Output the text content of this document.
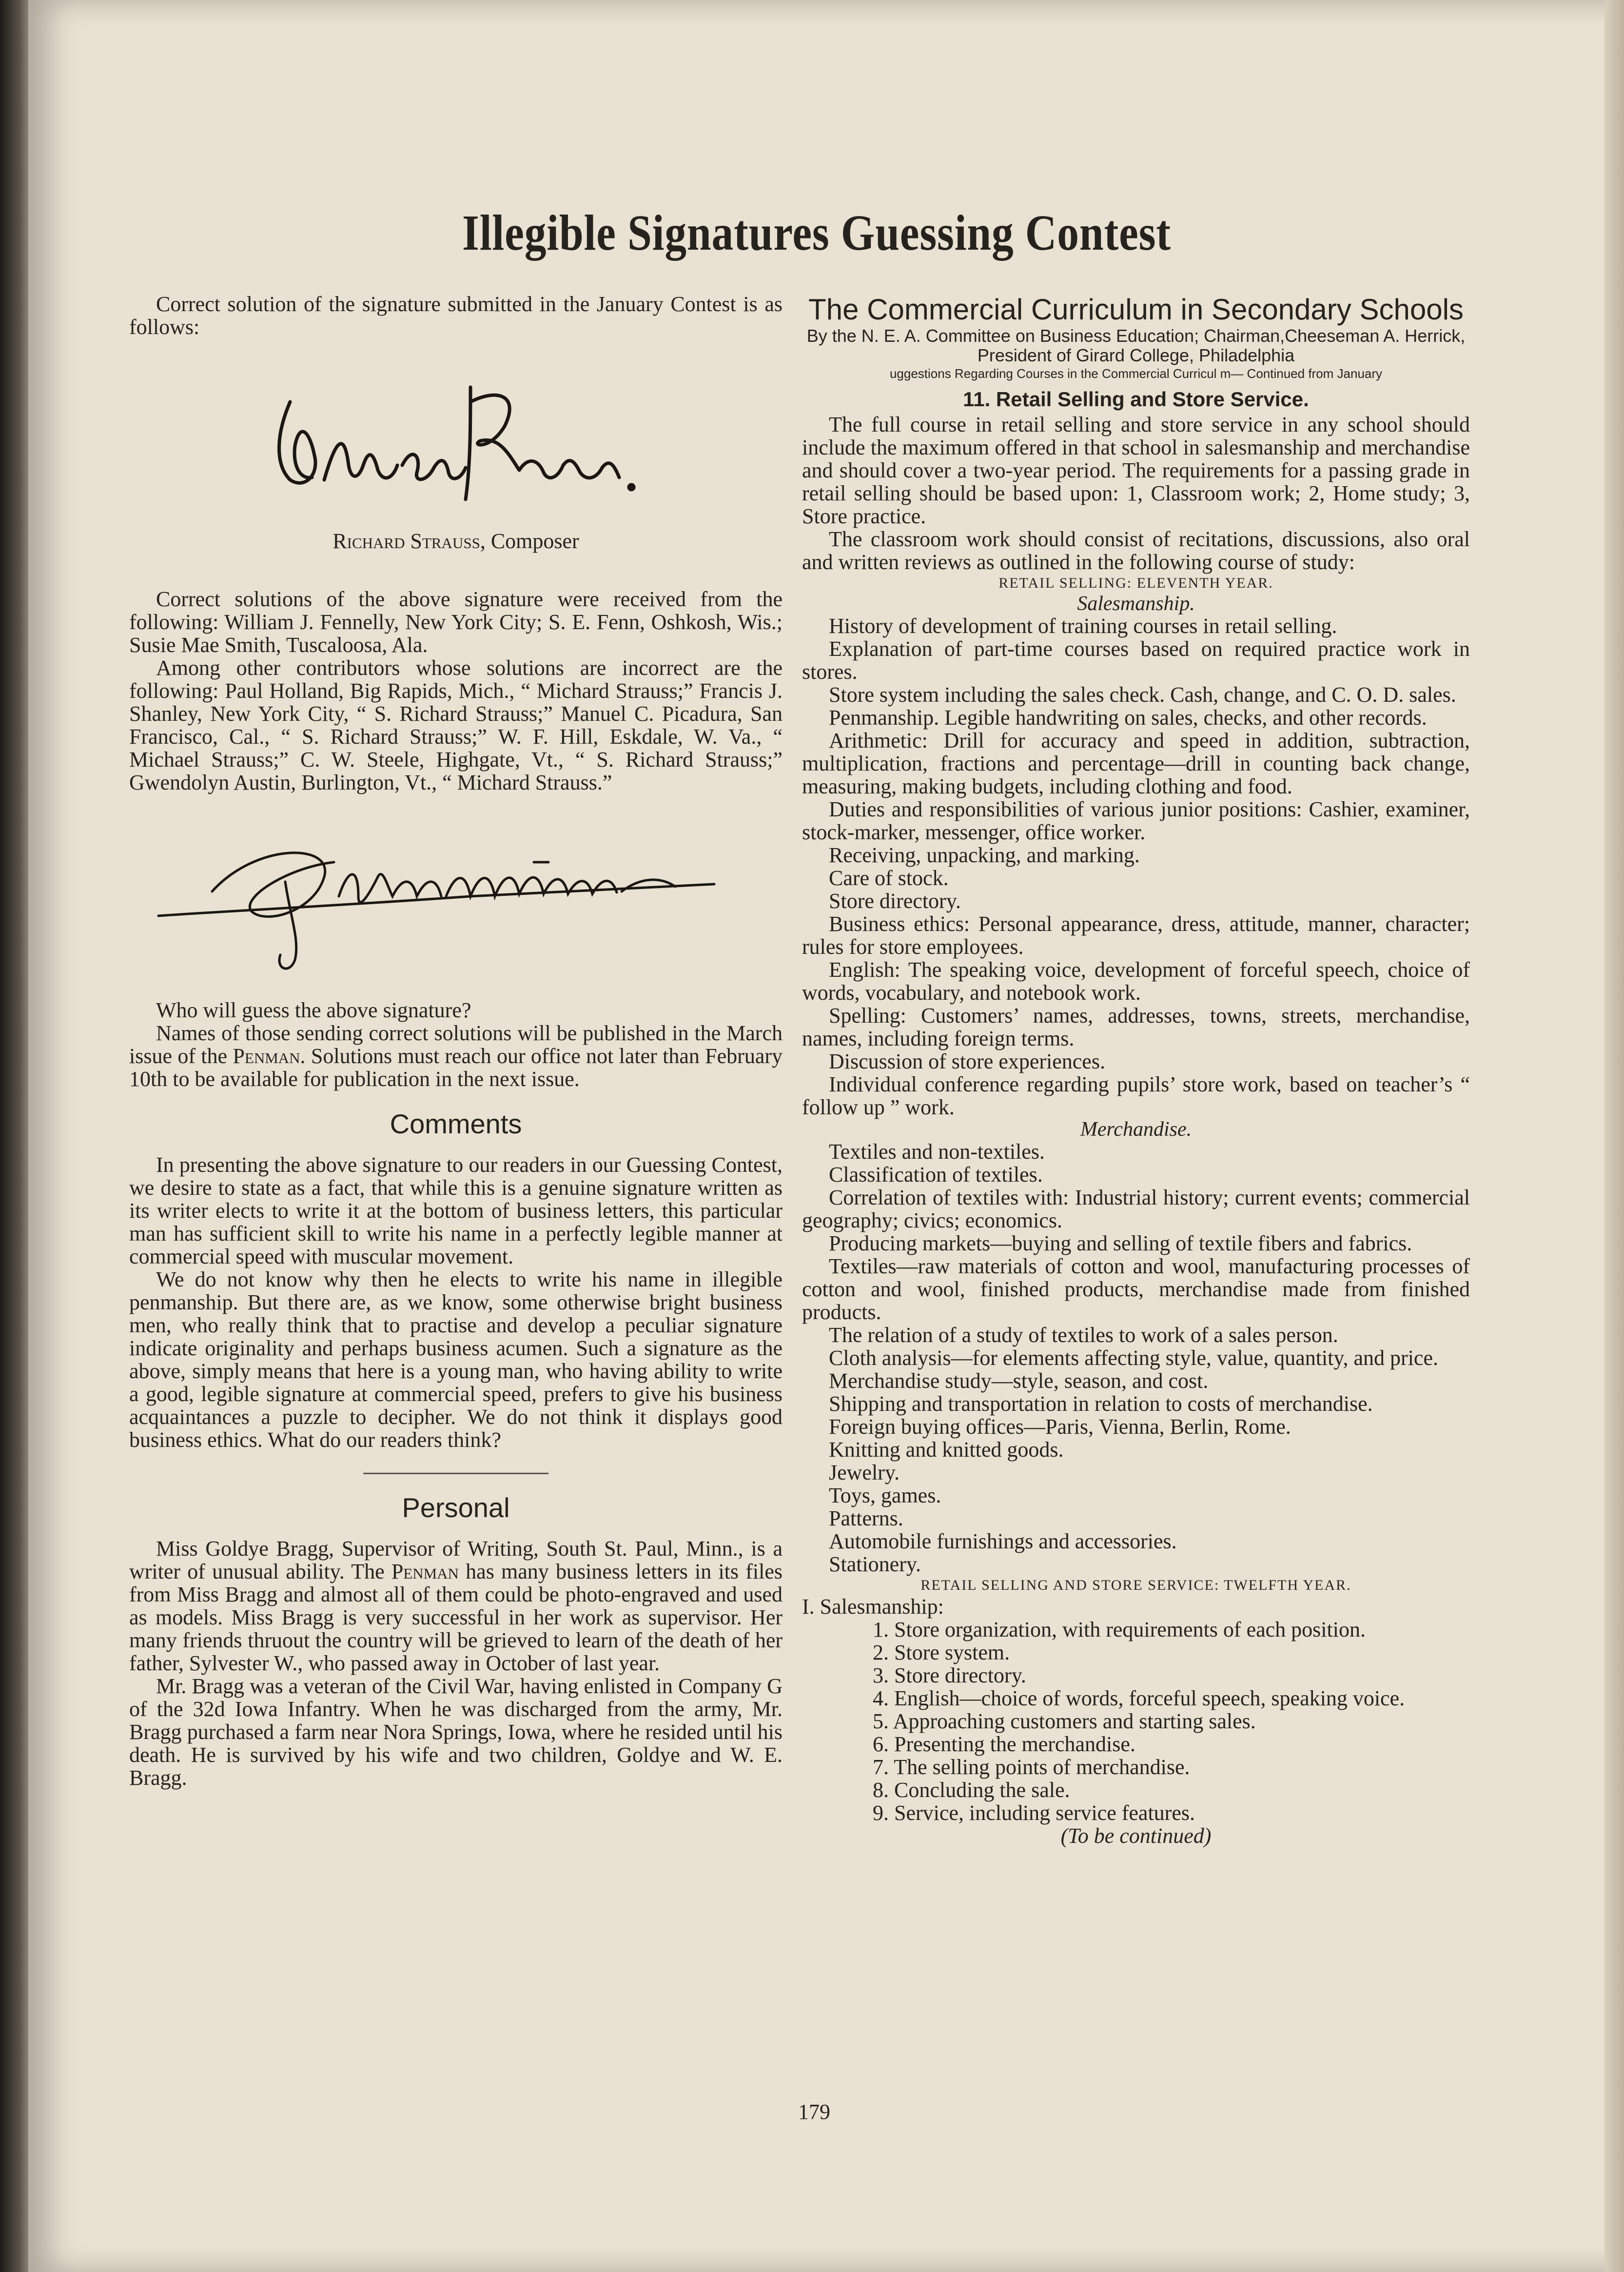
Illegible Signatures Guessing Contest

Correct solution of the signature submitted in the January Contest is as follows:

Richard Strauss, Composer

Correct solutions of the above signature were received from the following: William J. Fennelly, New York City; S. E. Fenn, Oshkosh, Wis.; Susie Mae Smith, Tuscaloosa, Ala.

Among other contributors whose solutions are incorrect are the following: Paul Holland, Big Rapids, Mich., “ Michard Strauss;” Francis J. Shanley, New York City, “ S. Richard Strauss;” Manuel C. Picadura, San Francisco, Cal., “ S. Richard Strauss;” W. F. Hill, Eskdale, W. Va., “ Michael Strauss;” C. W. Steele, Highgate, Vt., “ S. Richard Strauss;” Gwendolyn Austin, Burlington, Vt., “ Michard Strauss.”

Who will guess the above signature?

Names of those sending correct solutions will be published in the March issue of the Penman. Solutions must reach our office not later than February 10th to be available for publication in the next issue.

Comments

In presenting the above signature to our readers in our Guessing Contest, we desire to state as a fact, that while this is a genuine signature written as its writer elects to write it at the bottom of business letters, this particular man has sufficient skill to write his name in a perfectly legible manner at commercial speed with muscular movement.

We do not know why then he elects to write his name in illegible penmanship. But there are, as we know, some otherwise bright business men, who really think that to practise and develop a peculiar signature indicate originality and perhaps business acumen. Such a signature as the above, simply means that here is a young man, who having ability to write a good, legible signature at commercial speed, prefers to give his business acquaintances a puzzle to decipher. We do not think it displays good business ethics. What do our readers think?

Personal

Miss Goldye Bragg, Supervisor of Writing, South St. Paul, Minn., is a writer of unusual ability. The Penman has many business letters in its files from Miss Bragg and almost all of them could be photo-engraved and used as models. Miss Bragg is very successful in her work as supervisor. Her many friends thruout the country will be grieved to learn of the death of her father, Sylvester W., who passed away in October of last year.

Mr. Bragg was a veteran of the Civil War, having enlisted in Company G of the 32d Iowa Infantry. When he was discharged from the army, Mr. Bragg purchased a farm near Nora Springs, Iowa, where he resided until his death. He is survived by his wife and two children, Goldye and W. E. Bragg.

The Commercial Curriculum in Secondary Schools
By the N. E. A. Committee on Business Education; Chairman,Cheeseman A. Herrick, President of Girard College, Philadelphia
uggestions Regarding Courses in the Commercial Curricul m— Continued from January
11. Retail Selling and Store Service.

The full course in retail selling and store service in any school should include the maximum offered in that school in salesmanship and merchandise and should cover a two-year period. The requirements for a passing grade in retail selling should be based upon: 1, Classroom work; 2, Home study; 3, Store practice.

The classroom work should consist of recitations, discussions, also oral and written reviews as outlined in the following course of study:

RETAIL SELLING: ELEVENTH YEAR.
Salesmanship.

History of development of training courses in retail selling.

Explanation of part-time courses based on required practice work in stores.

Store system including the sales check. Cash, change, and C. O. D. sales.

Penmanship. Legible handwriting on sales, checks, and other records.

Arithmetic: Drill for accuracy and speed in addition, subtraction, multiplication, fractions and percentage—drill in counting back change, measuring, making budgets, including clothing and food.

Duties and responsibilities of various junior positions: Cashier, examiner, stock-marker, messenger, office worker.

Receiving, unpacking, and marking.

Care of stock.

Store directory.

Business ethics: Personal appearance, dress, attitude, manner, character; rules for store employees.

English: The speaking voice, development of forceful speech, choice of words, vocabulary, and notebook work.

Spelling: Customers’ names, addresses, towns, streets, merchandise, names, including foreign terms.

Discussion of store experiences.

Individual conference regarding pupils’ store work, based on teacher’s “ follow up ” work.

Merchandise.

Textiles and non-textiles.

Classification of textiles.

Correlation of textiles with: Industrial history; current events; commercial geography; civics; economics.

Producing markets—buying and selling of textile fibers and fabrics.

Textiles—raw materials of cotton and wool, manufacturing processes of cotton and wool, finished products, merchandise made from finished products.

The relation of a study of textiles to work of a sales person.

Cloth analysis—for elements affecting style, value, quantity, and price.

Merchandise study—style, season, and cost.

Shipping and transportation in relation to costs of merchandise.

Foreign buying offices—Paris, Vienna, Berlin, Rome.

Knitting and knitted goods.

Jewelry.

Toys, games.

Patterns.

Automobile furnishings and accessories.

Stationery.

RETAIL SELLING AND STORE SERVICE: TWELFTH YEAR.
I. Salesmanship:
1. Store organization, with requirements of each position.
2. Store system.
3. Store directory.
4. English—choice of words, forceful speech, speaking voice.
5. Approaching customers and starting sales.
6. Presenting the merchandise.
7. The selling points of merchandise.
8. Concluding the sale.
9. Service, including service features.
(To be continued)
179
